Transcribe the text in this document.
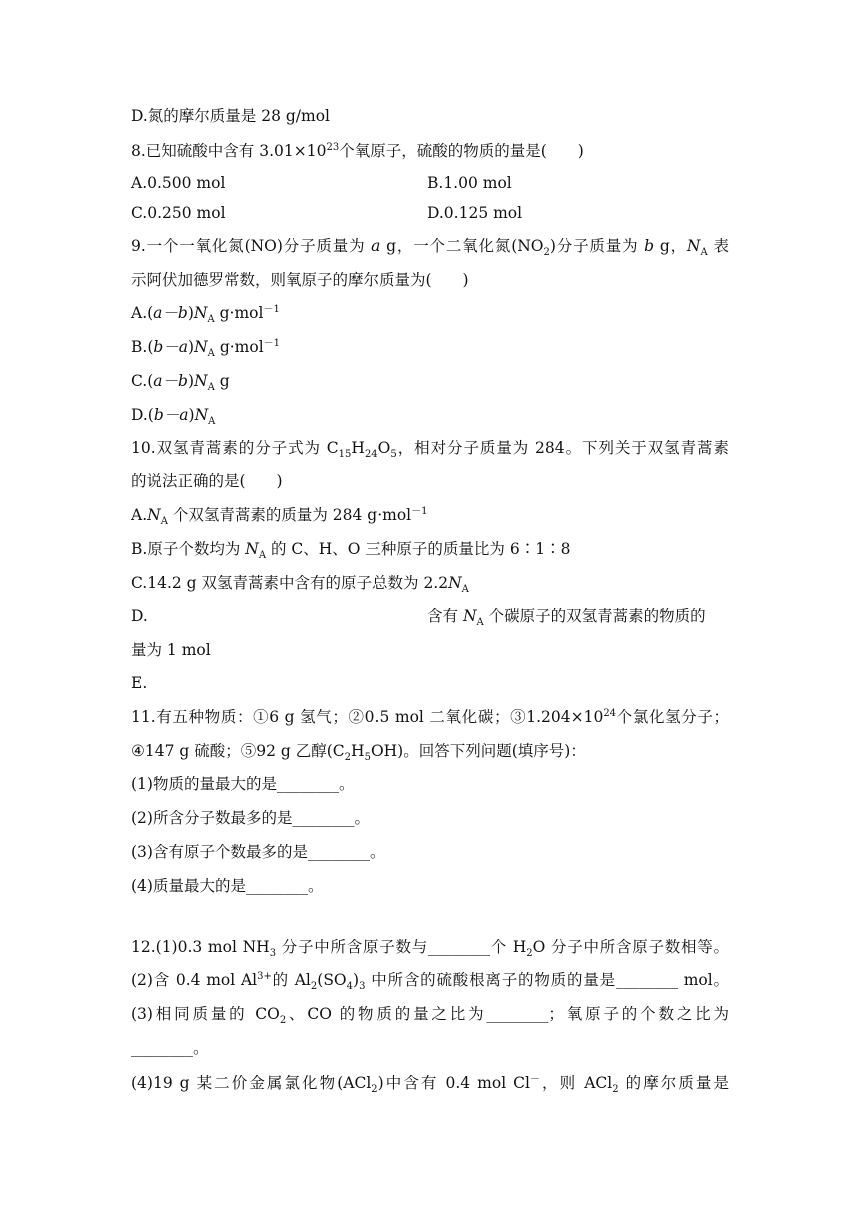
D.氮的摩尔质量是 28 g/mol
8.已知硫酸中含有 $3.01\times 10^{23}$个氧原子，硫酸的物质的量是(　　)
A.0.500 mol	B.1.00 mol
C.0.250 mol	D.0.125 mol
9.一个一氧化氮(NO)分子质量为 a g，一个二氧化氮$(NO_2)$分子质量为 b g，$N_A$ 表
示阿伏加德罗常数，则氧原子的摩尔质量为(　　)
$A.(a-b)N_A$ g·mol$^{-1}$
$B.(b-a)N_A$ g·mol$^{-1}$
$C.(a-b)N_A$ g
$D.(b-a)N_A$
10.双氢青蒿素的分子式为 $C_{15}H_{24}O_5$，相对分子质量为 284。下列关于双氢青蒿素
的说法正确的是(　　)
$A.N_A$ 个双氢青蒿素的质量为 284 g·mol$^{-1}$
B.原子个数均为 $N_A$ 的 C、H、O 三种原子的质量比为 6∶1∶8
C.14.2 g 双氢青蒿素中含有的原子总数为 $2.2N_A$
D.	含有 $N_A$ 个碳原子的双氢青蒿素的物质的
量为 1 mol
E.
11.有五种物质：①6 g 氢气；②0.5 mol 二氧化碳；$③1.204\times 10^{24}$个氯化氢分子；
④147 g 硫酸；⑤92 g 乙醇$(C_2H_5OH)$。回答下列问题(填序号)：
(1)物质的量最大的是________。
(2)所含分子数最多的是________。
(3)含有原子个数最多的是________。
(4)质量最大的是________。
12.(1)0.3 mol $NH_3$ 分子中所含原子数与________个 $H_2O$ 分子中所含原子数相等。
(2)含 0.4 mol $Al^{3+}$的 $Al_2(SO_4)_3$ 中所含的硫酸根离子的物质的量是________ mol。
(3)相同质量的 $CO_2$、CO 的物质的量之比为________；氧原子的个数之比为
________。
(4)19 g 某二价金属氯化物(ACl$_2$)中含有 0.4 mol Cl－，则 ACl$_2$ 的摩尔质量是
